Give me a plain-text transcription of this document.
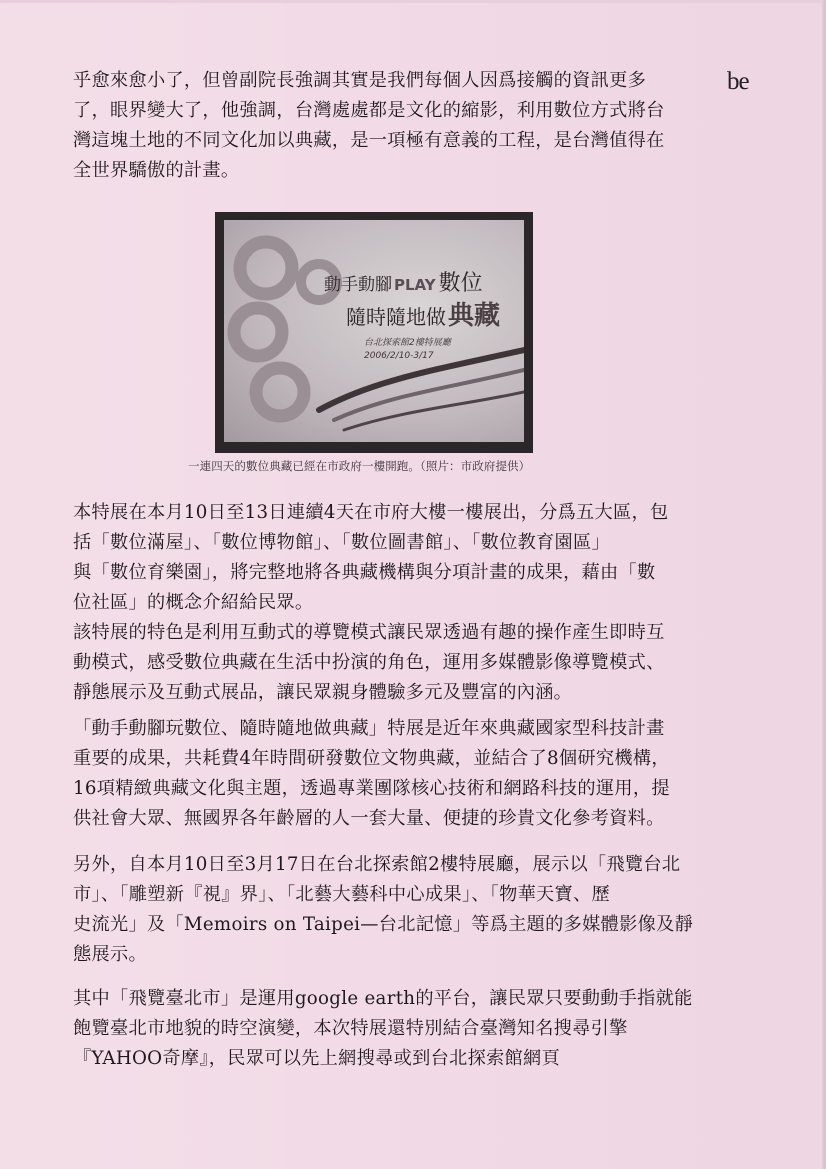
be
乎愈來愈小了，但曾副院長強調其實是我們每個人因爲接觸的資訊更多
了，眼界變大了，他強調，台灣處處都是文化的縮影，利用數位方式將台
灣這塊土地的不同文化加以典藏，是一項極有意義的工程，是台灣值得在
全世界驕傲的計畫。
動手動腳 PLAY 數位
隨時隨地做典藏
台北探索館2樓特展廳
2006/2/10-3/17
一連四天的數位典藏已經在市政府一樓開跑。（照片：市政府提供）
本特展在本月10日至13日連續4天在市府大樓一樓展出，分爲五大區，包
括「數位滿屋」、「數位博物館」、「數位圖書館」、「數位教育園區」
與「數位育樂園」，將完整地將各典藏機構與分項計畫的成果，藉由「數
位社區」的概念介紹給民眾。
該特展的特色是利用互動式的導覽模式讓民眾透過有趣的操作產生即時互
動模式，感受數位典藏在生活中扮演的角色，運用多媒體影像導覽模式、
靜態展示及互動式展品，讓民眾親身體驗多元及豐富的內涵。
「動手動腳玩數位、隨時隨地做典藏」特展是近年來典藏國家型科技計畫
重要的成果，共耗費4年時間研發數位文物典藏，並結合了8個研究機構，
16項精緻典藏文化與主題，透過專業團隊核心技術和網路科技的運用，提
供社會大眾、無國界各年齡層的人一套大量、便捷的珍貴文化參考資料。
另外，自本月10日至3月17日在台北探索館2樓特展廳，展示以「飛覽台北
市」、「雕塑新『視』界」、「北藝大藝科中心成果」、「物華天寶、歷
史流光」及「Memoirs on Taipei—台北記憶」等爲主題的多媒體影像及靜
態展示。
其中「飛覽臺北市」是運用google earth的平台，讓民眾只要動動手指就能
飽覽臺北市地貌的時空演變，本次特展還特別結合臺灣知名搜尋引擎
『YAHOO奇摩』，民眾可以先上網搜尋或到台北探索館網頁
